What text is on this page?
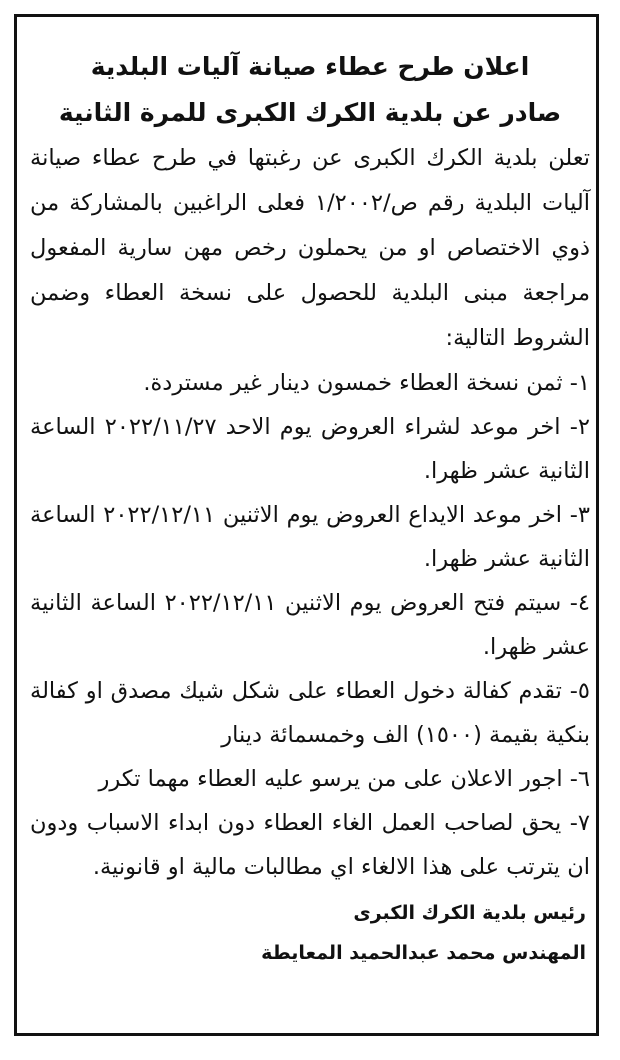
اعلان طرح عطاء صيانة آليات البلدية

صادر عن بلدية الكرك الكبرى للمرة الثانية

تعلن بلدية الكرك الكبرى عن رغبتها في طرح عطاء صيانة آليات البلدية رقم ص/١/٢٠٠٢ فعلى الراغبين بالمشاركة من ذوي الاختصاص او من يحملون رخص مهن سارية المفعول مراجعة مبنى البلدية للحصول على نسخة العطاء وضمن الشروط التالية:

١- ثمن نسخة العطاء خمسون دينار غير مستردة.
٢- اخر موعد لشراء العروض يوم الاحد ٢٠٢٢/١١/٢٧ الساعة الثانية عشر ظهرا.
٣- اخر موعد الايداع العروض يوم الاثنين ٢٠٢٢/١٢/١١ الساعة الثانية عشر ظهرا.
٤- سيتم فتح العروض يوم الاثنين ٢٠٢٢/١٢/١١ الساعة الثانية عشر ظهرا.
٥- تقدم كفالة دخول العطاء على شكل شيك مصدق او كفالة بنكية بقيمة (١٥٠٠) الف وخمسمائة دينار
٦- اجور الاعلان على من يرسو عليه العطاء مهما تكرر
٧- يحق لصاحب العمل الغاء العطاء دون ابداء الاسباب ودون ان يترتب على هذا الالغاء اي مطالبات مالية او قانونية.

رئيس بلدية الكرك الكبرى

المهندس محمد عبدالحميد المعايطة
